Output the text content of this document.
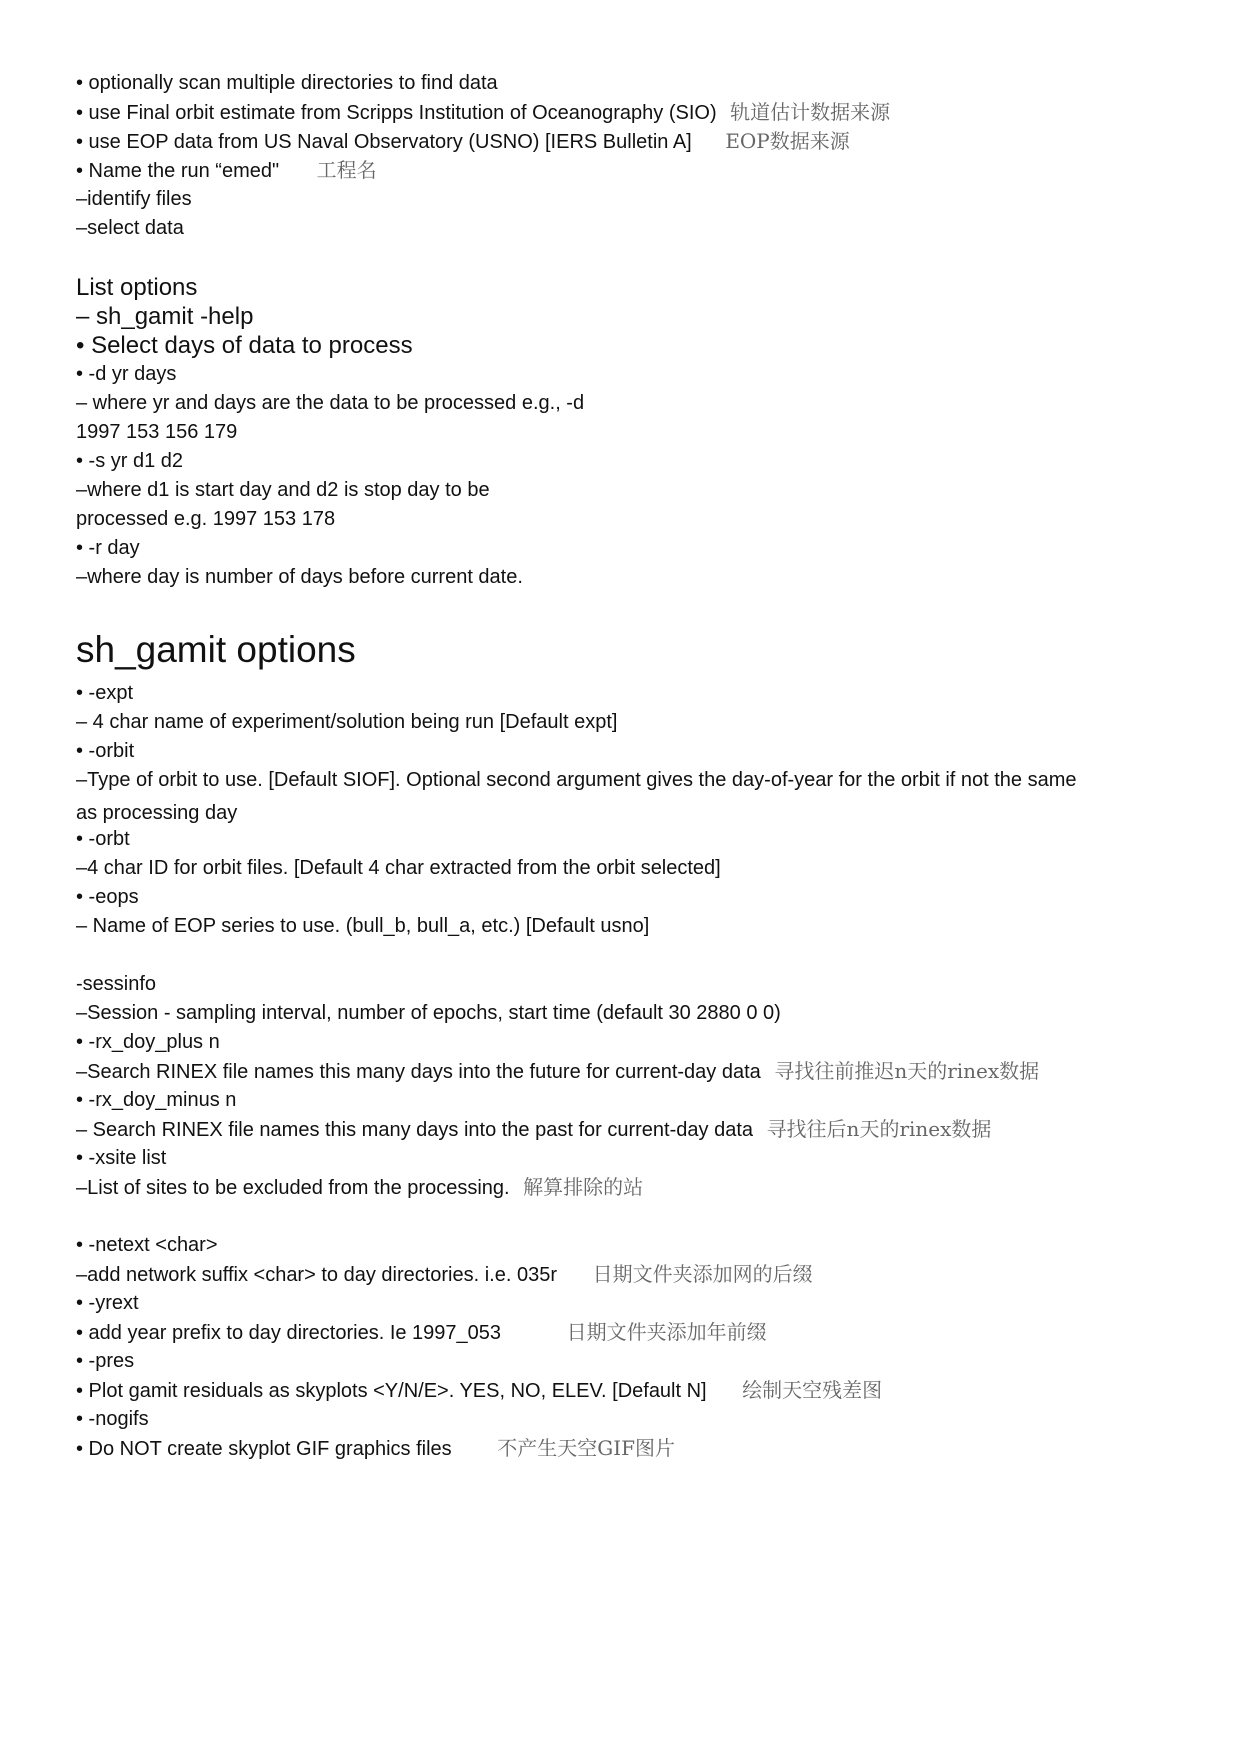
• optionally scan multiple directories to find data
• use Final orbit estimate from Scripps Institution of Oceanography (SIO) 轨道估计数据来源
• use EOP data from US Naval Observatory (USNO) [IERS Bulletin A] EOP数据来源
• Name the run “emed" 工程名
–identify files
–select data
List options
– sh_gamit -help
• Select days of data to process
• -d yr days
– where yr and days are the data to be processed e.g., -d
1997 153 156 179
• -s yr d1 d2
–where d1 is start day and d2 is stop day to be
processed e.g. 1997 153 178
• -r day
–where day is number of days before current date.
sh_gamit options
• -expt
– 4 char name of experiment/solution being run [Default expt]
• -orbit
–Type of orbit to use. [Default SIOF]. Optional second argument gives the day-of-year for the orbit if not the same as processing day
• -orbt
–4 char ID for orbit files. [Default 4 char extracted from the orbit selected]
• -eops
– Name of EOP series to use. (bull_b, bull_a, etc.) [Default usno]
-sessinfo
–Session - sampling interval, number of epochs, start time (default 30 2880 0 0)
• -rx_doy_plus n
–Search RINEX file names this many days into the future for current-day data 寻找往前推迟n天的rinex数据
• -rx_doy_minus n
– Search RINEX file names this many days into the past for current-day data 寻找往后n天的rinex数据
• -xsite list
–List of sites to be excluded from the processing. 解算排除的站
• -netext <char>
–add network suffix <char> to day directories. i.e. 035r 日期文件夹添加网的后缀
• -yrext
• add year prefix to day directories. Ie 1997_053	日期文件夹添加年前缀
• -pres
• Plot gamit residuals as skyplots <Y/N/E>. YES, NO, ELEV. [Default N] 绘制天空残差图
• -nogifs
• Do NOT create skyplot GIF graphics files 不产生天空GIF图片
